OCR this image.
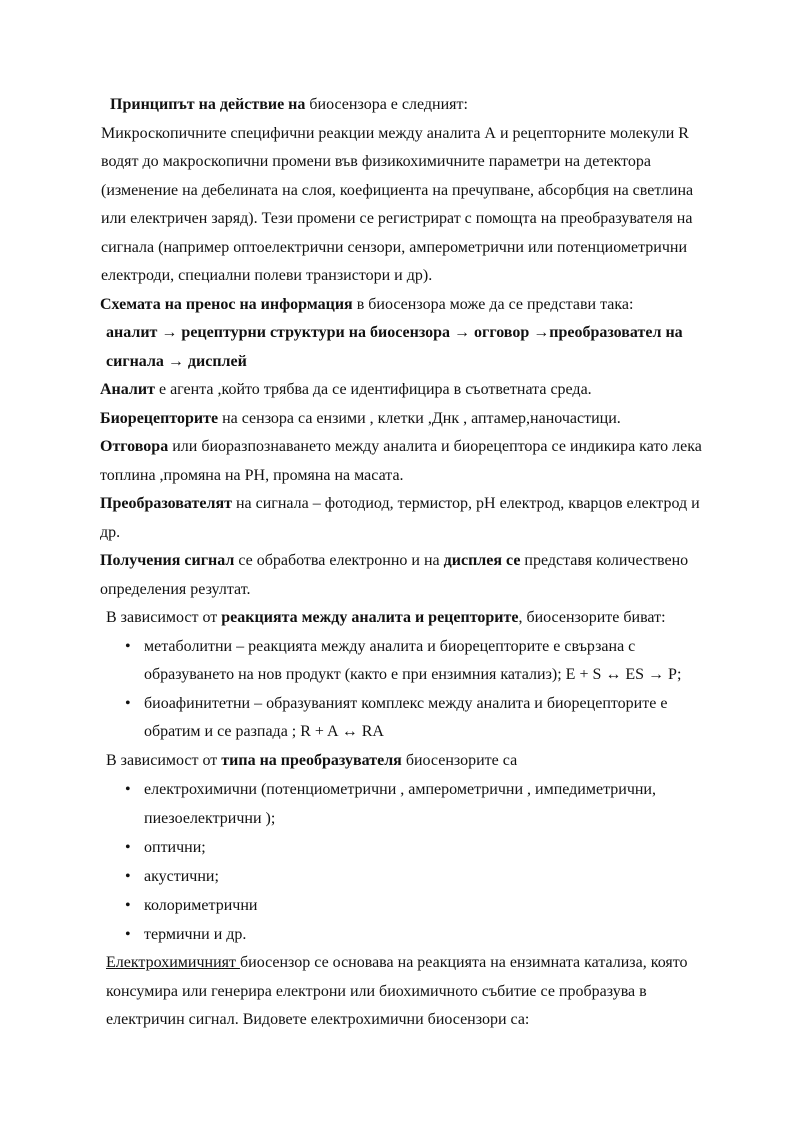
Принципът на действие на биосензора е следният:

Микроскопичните специфични реакции между аналита А и рецепторните молекули R водят до макроскопични промени във физикохимичните параметри на детектора (изменение на дебелината на слоя, коефициента на пречупване, абсорбция на светлина или електричен заряд). Тези промени се регистрират с помощта на преобразувателя на сигнала (например оптоелектрични сензори, амперометрични или потенциометрични електроди, специални полеви транзистори и др).

Схемата на пренос на информация в биосензора може да се представи така:

аналит → рецептурни структури на биосензора → огговор →преобразовател на сигнала → дисплей

Аналит е агента ,който трябва да се идентифицира в съответната среда.

Биорецепторите на сензора са ензими , клетки ,Днк , аптамер,наночастици.

Отговора или биоразпознаването между аналита и биорецептора се индикира като лека топлина ,промяна на РН, промяна на масата.

Преобразователят на сигнала – фотодиод, термистор, рН електрод, кварцов електрод и др.

Получения сигнал се обработва електронно и на дисплея се представя количествено определения резултат.

В зависимост от реакцията между аналита и рецепторите, биосензорите биват:

• метаболитни – реакцията между аналита и биорецепторите е свързана с образуването на нов продукт (както е при ензимния катализ); E + S ↔ ES → P;
• биоафинитетни – образуваният комплекс между аналита и биорецепторите е обратим и се разпада ; R + A ↔ RA

В зависимост от типа на преобразувателя биосензорите са

• електрохимични (потенциометрични , амперометрични , импедиметрични, пиезоелектрични );
• оптични;
• акустични;
• колориметрични
• термични и др.

Електрохимичният биосензор се основава на реакцията на ензимната катализа, която консумира или генерира електрони или биохимичното събитие се пробразува в електричин сигнал. Видовете електрохимични биосензори са:
